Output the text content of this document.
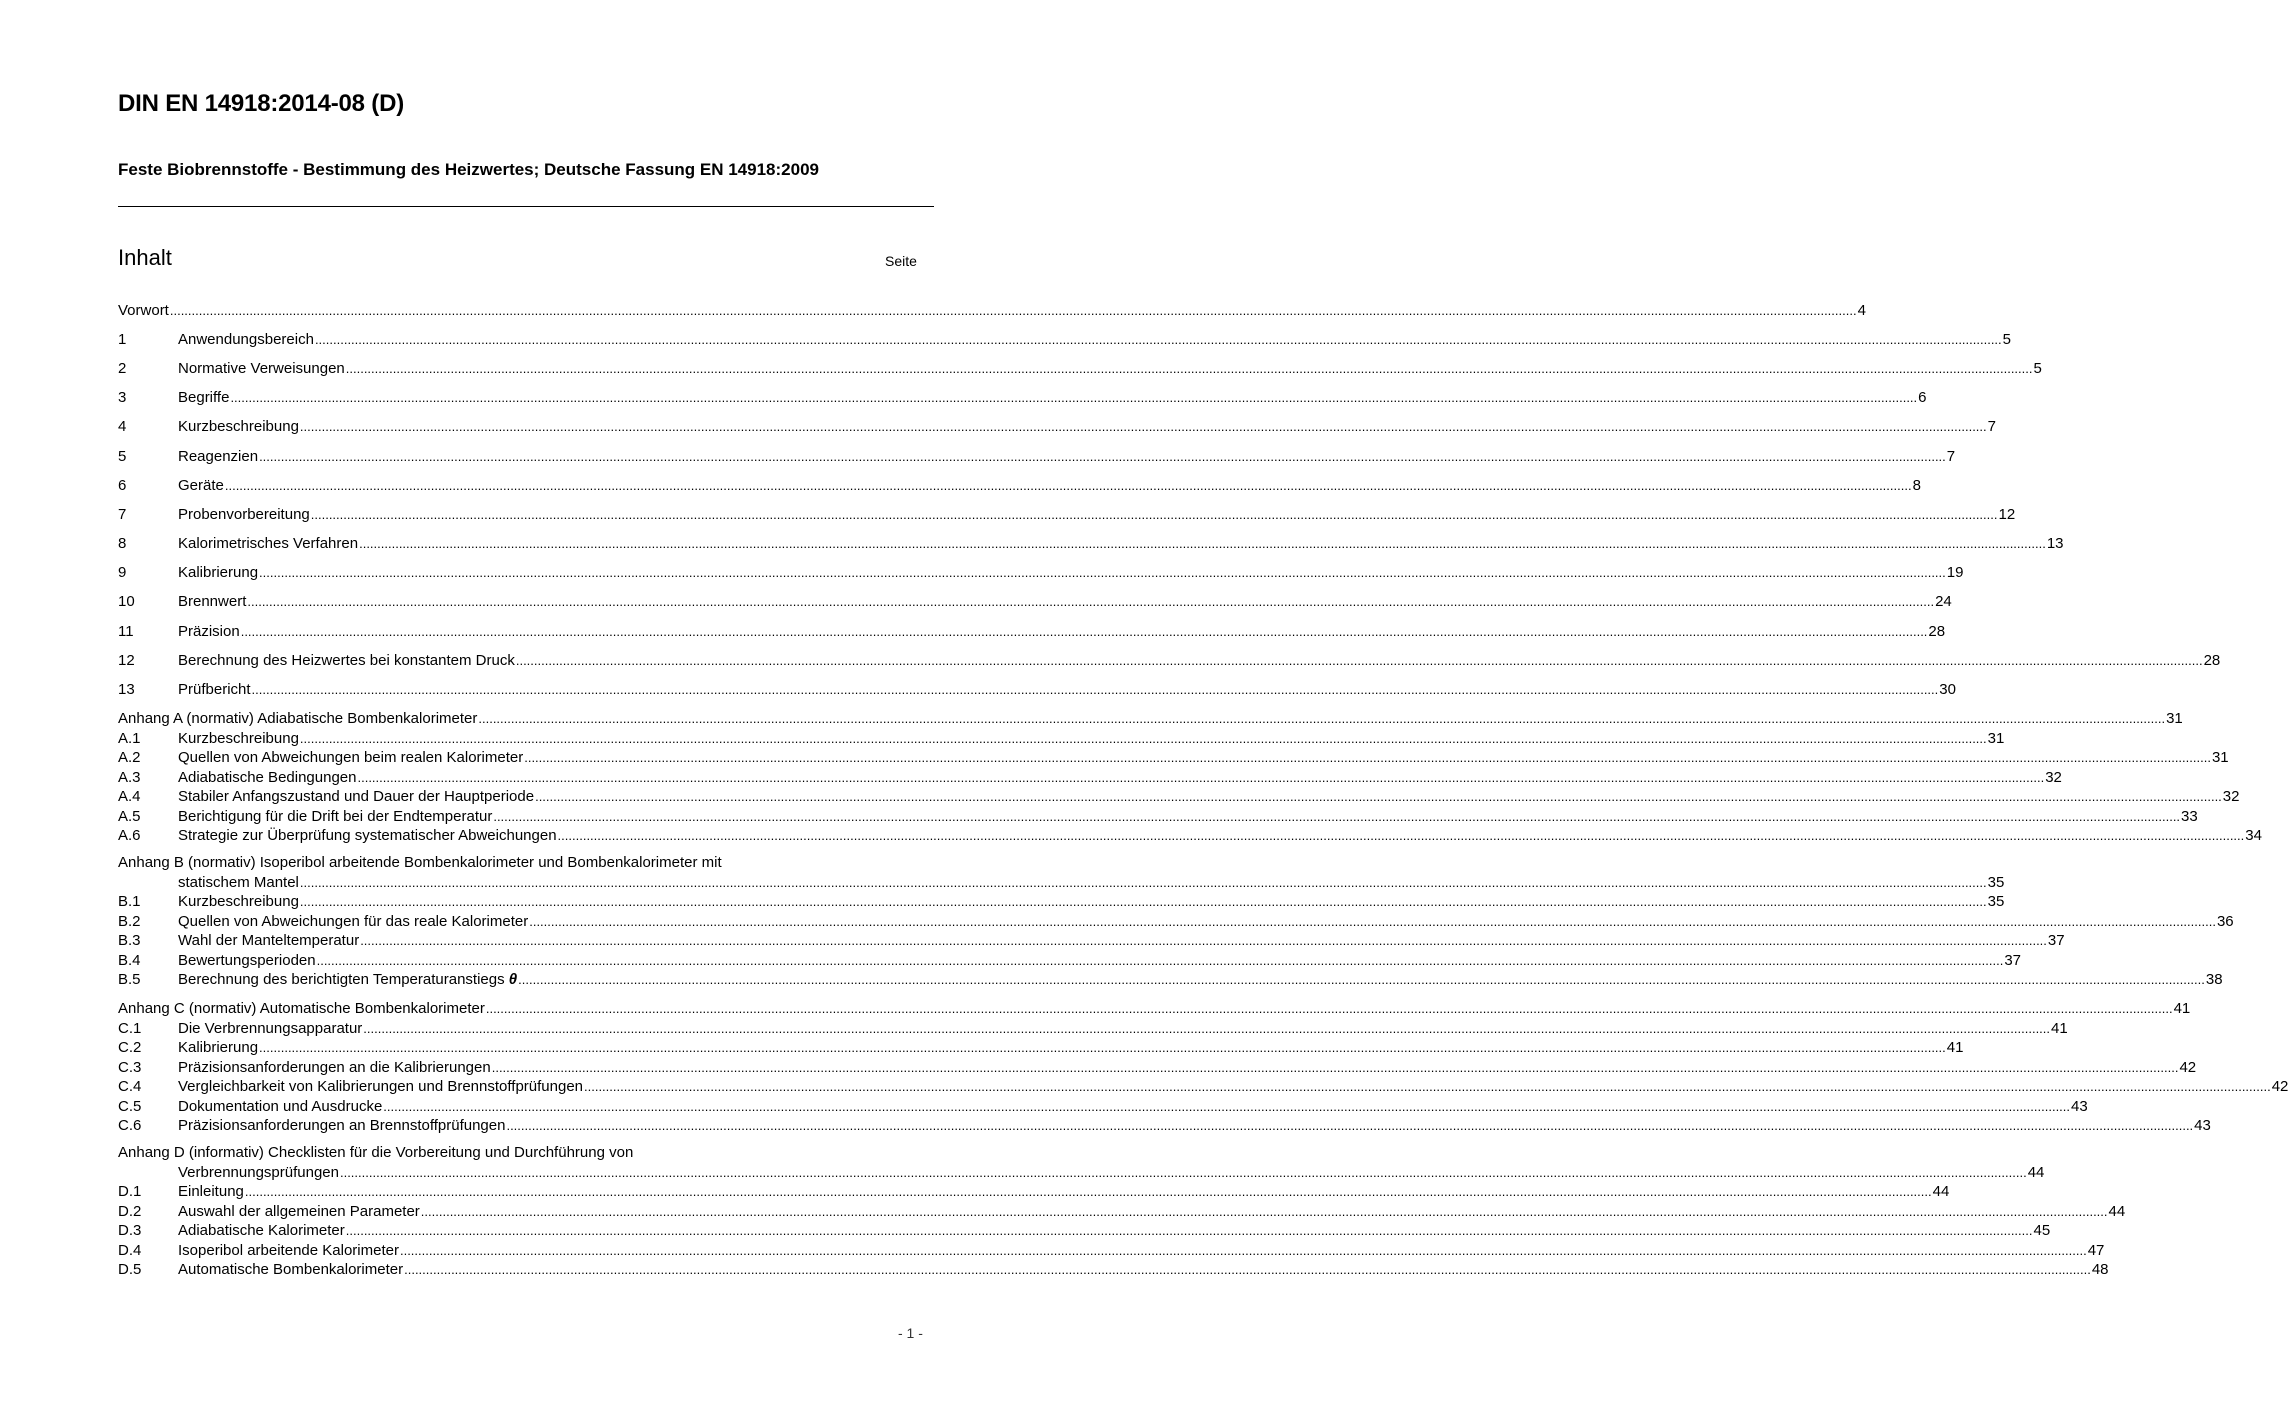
DIN EN 14918:2014-08 (D)
Feste Biobrennstoffe - Bestimmung des Heizwertes; Deutsche Fassung EN 14918:2009
Inhalt	Seite
Vorwort .....	4
1	Anwendungsbereich .....	5
2	Normative Verweisungen .....	5
3	Begriffe .....	6
4	Kurzbeschreibung .....	7
5	Reagenzien .....	7
6	Geräte .....	8
7	Probenvorbereitung .....	12
8	Kalorimetrisches Verfahren .....	13
9	Kalibrierung .....	19
10	Brennwert .....	24
11	Präzision .....	28
12	Berechnung des Heizwertes bei konstantem Druck .....	28
13	Prüfbericht .....	30
Anhang A (normativ) Adiabatische Bombenkalorimeter .....	31
A.1	Kurzbeschreibung .....	31
A.2	Quellen von Abweichungen beim realen Kalorimeter .....	31
A.3	Adiabatische Bedingungen .....	32
A.4	Stabiler Anfangszustand und Dauer der Hauptperiode .....	32
A.5	Berichtigung für die Drift bei der Endtemperatur .....	33
A.6	Strategie zur Überprüfung systematischer Abweichungen .....	34
Anhang B (normativ) Isoperibol arbeitende Bombenkalorimeter und Bombenkalorimeter mit
statischem Mantel .....	35
B.1	Kurzbeschreibung .....	35
B.2	Quellen von Abweichungen für das reale Kalorimeter .....	36
B.3	Wahl der Manteltemperatur .....	37
B.4	Bewertungsperioden .....	37
B.5	Berechnung des berichtigten Temperaturanstiegs θ .....	38
Anhang C (normativ) Automatische Bombenkalorimeter .....	41
C.1	Die Verbrennungsapparatur .....	41
C.2	Kalibrierung .....	41
C.3	Präzisionsanforderungen an die Kalibrierungen .....	42
C.4	Vergleichbarkeit von Kalibrierungen und Brennstoffprüfungen .....	42
C.5	Dokumentation und Ausdrucke .....	43
C.6	Präzisionsanforderungen an Brennstoffprüfungen .....	43
Anhang D (informativ) Checklisten für die Vorbereitung und Durchführung von
Verbrennungsprüfungen .....	44
D.1	Einleitung .....	44
D.2	Auswahl der allgemeinen Parameter .....	44
D.3	Adiabatische Kalorimeter .....	45
D.4	Isoperibol arbeitende Kalorimeter .....	47
D.5	Automatische Bombenkalorimeter .....	48
- 1 -
